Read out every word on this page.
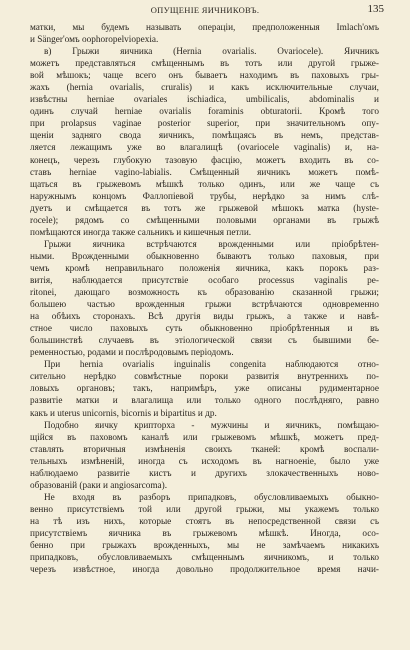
ОПУЩЕНІЕ ЯИЧНИКОВЪ.	135
матки, мы будемъ называть операціи, предположенныя Imlach'омъ
и Sänger'омъ oophoropelviopexia.
в) Грыжи яичника (Hernia ovarialis. Ovariocele). Яичникъ
можетъ представляться смѣщеннымъ въ тотъ или другой грыже-
вой мѣшокъ; чаще всего онъ бываетъ находимъ въ паховыхъ гры-
жахъ (hernia ovarialis, cruralis) и какъ исключительные случаи,
извѣстны herniae ovariales ischiadica, umbilicalis, abdominalis и
одинъ случай herniae ovarialis foraminis obturatorii. Кромѣ того
при prolapsus vaginae posterior superior, при значительномъ опу-
щеніи задняго свода яичникъ, помѣщаясь въ немъ, представ-
ляется лежащимъ уже во влагалищѣ (ovariocele vaginalis) и, на-
конецъ, черезъ глубокую тазовую фасцію, можетъ входить въ со-
ставъ herniae vagino-labialis. Смѣщенный яичникъ можетъ помѣ-
щаться въ грыжевомъ мѣшкѣ только одинъ, или же чаще съ
наружнымъ концомъ Фаллопіевой трубы, нерѣдко за нимъ слѣ-
дуетъ и смѣщается въ тотъ же грыжевой мѣшокъ матка (hyste-
rocele); рядомъ со смѣщенными половыми органами въ грыжѣ
помѣщаются иногда также сальникъ и кишечныя петли.
Грыжи яичника встрѣчаются врожденными или пріобрѣтен-
ными. Врожденными обыкновенно бываютъ только паховыя, при
чемъ кромѣ неправильнаго положенія яичника, какъ порокъ раз-
витія, наблюдается присутствіе особаго processus vaginalis pe-
ritonei, дающаго возможность къ образованію сказанной грыжи;
большею частью врожденныя грыжи встрѣчаются одновременно
на обѣихъ сторонахъ. Всѣ другія виды грыжъ, а также и навѣ-
стное число паховыхъ суть обыкновенно пріобрѣтенныя и въ
большинствѣ случаевъ въ этіологической связи съ бывшими бе-
ременностью, родами и послѣродовымъ періодомъ.
При hernia ovarialis inguinalis congenita наблюдаются отно-
сительно нерѣдко совмѣстные пороки развитія внутреннихъ по-
ловыхъ органовъ; такъ, напримѣръ, уже описаны рудиментарное
развитіе матки и влагалища или только одного послѣдняго, равно
какъ и uterus unicornis, bicornis и bipartitus и др.
Подобно яичку крипторха - мужчины и яичникъ, помѣщаю-
щійся въ паховомъ каналѣ или грыжевомъ мѣшкѣ, можетъ пред-
ставлять вторичныя измѣненія своихъ тканей: кромѣ воспали-
тельныхъ измѣненій, иногда съ исходомъ въ нагноеніе, было уже
наблюдаемо развитіе кистъ и другихъ злокачественныхъ ново-
образованій (раки и angiosarcoma).
Не входя въ разборъ припадковъ, обусловливаемыхъ обыкно-
венно присутствіемъ той или другой грыжи, мы укажемъ только
на тѣ изъ нихъ, которые стоятъ въ непосредственной связи съ
присутствіемъ яичника въ грыжевомъ мѣшкѣ. Иногда, осо-
бенно при грыжахъ врожденныхъ, мы не замѣчаемъ никакихъ
припадковъ, обусловливаемыхъ смѣщеннымъ яичникомъ, и только
черезъ извѣстное, иногда довольно продолжительное время начи-
